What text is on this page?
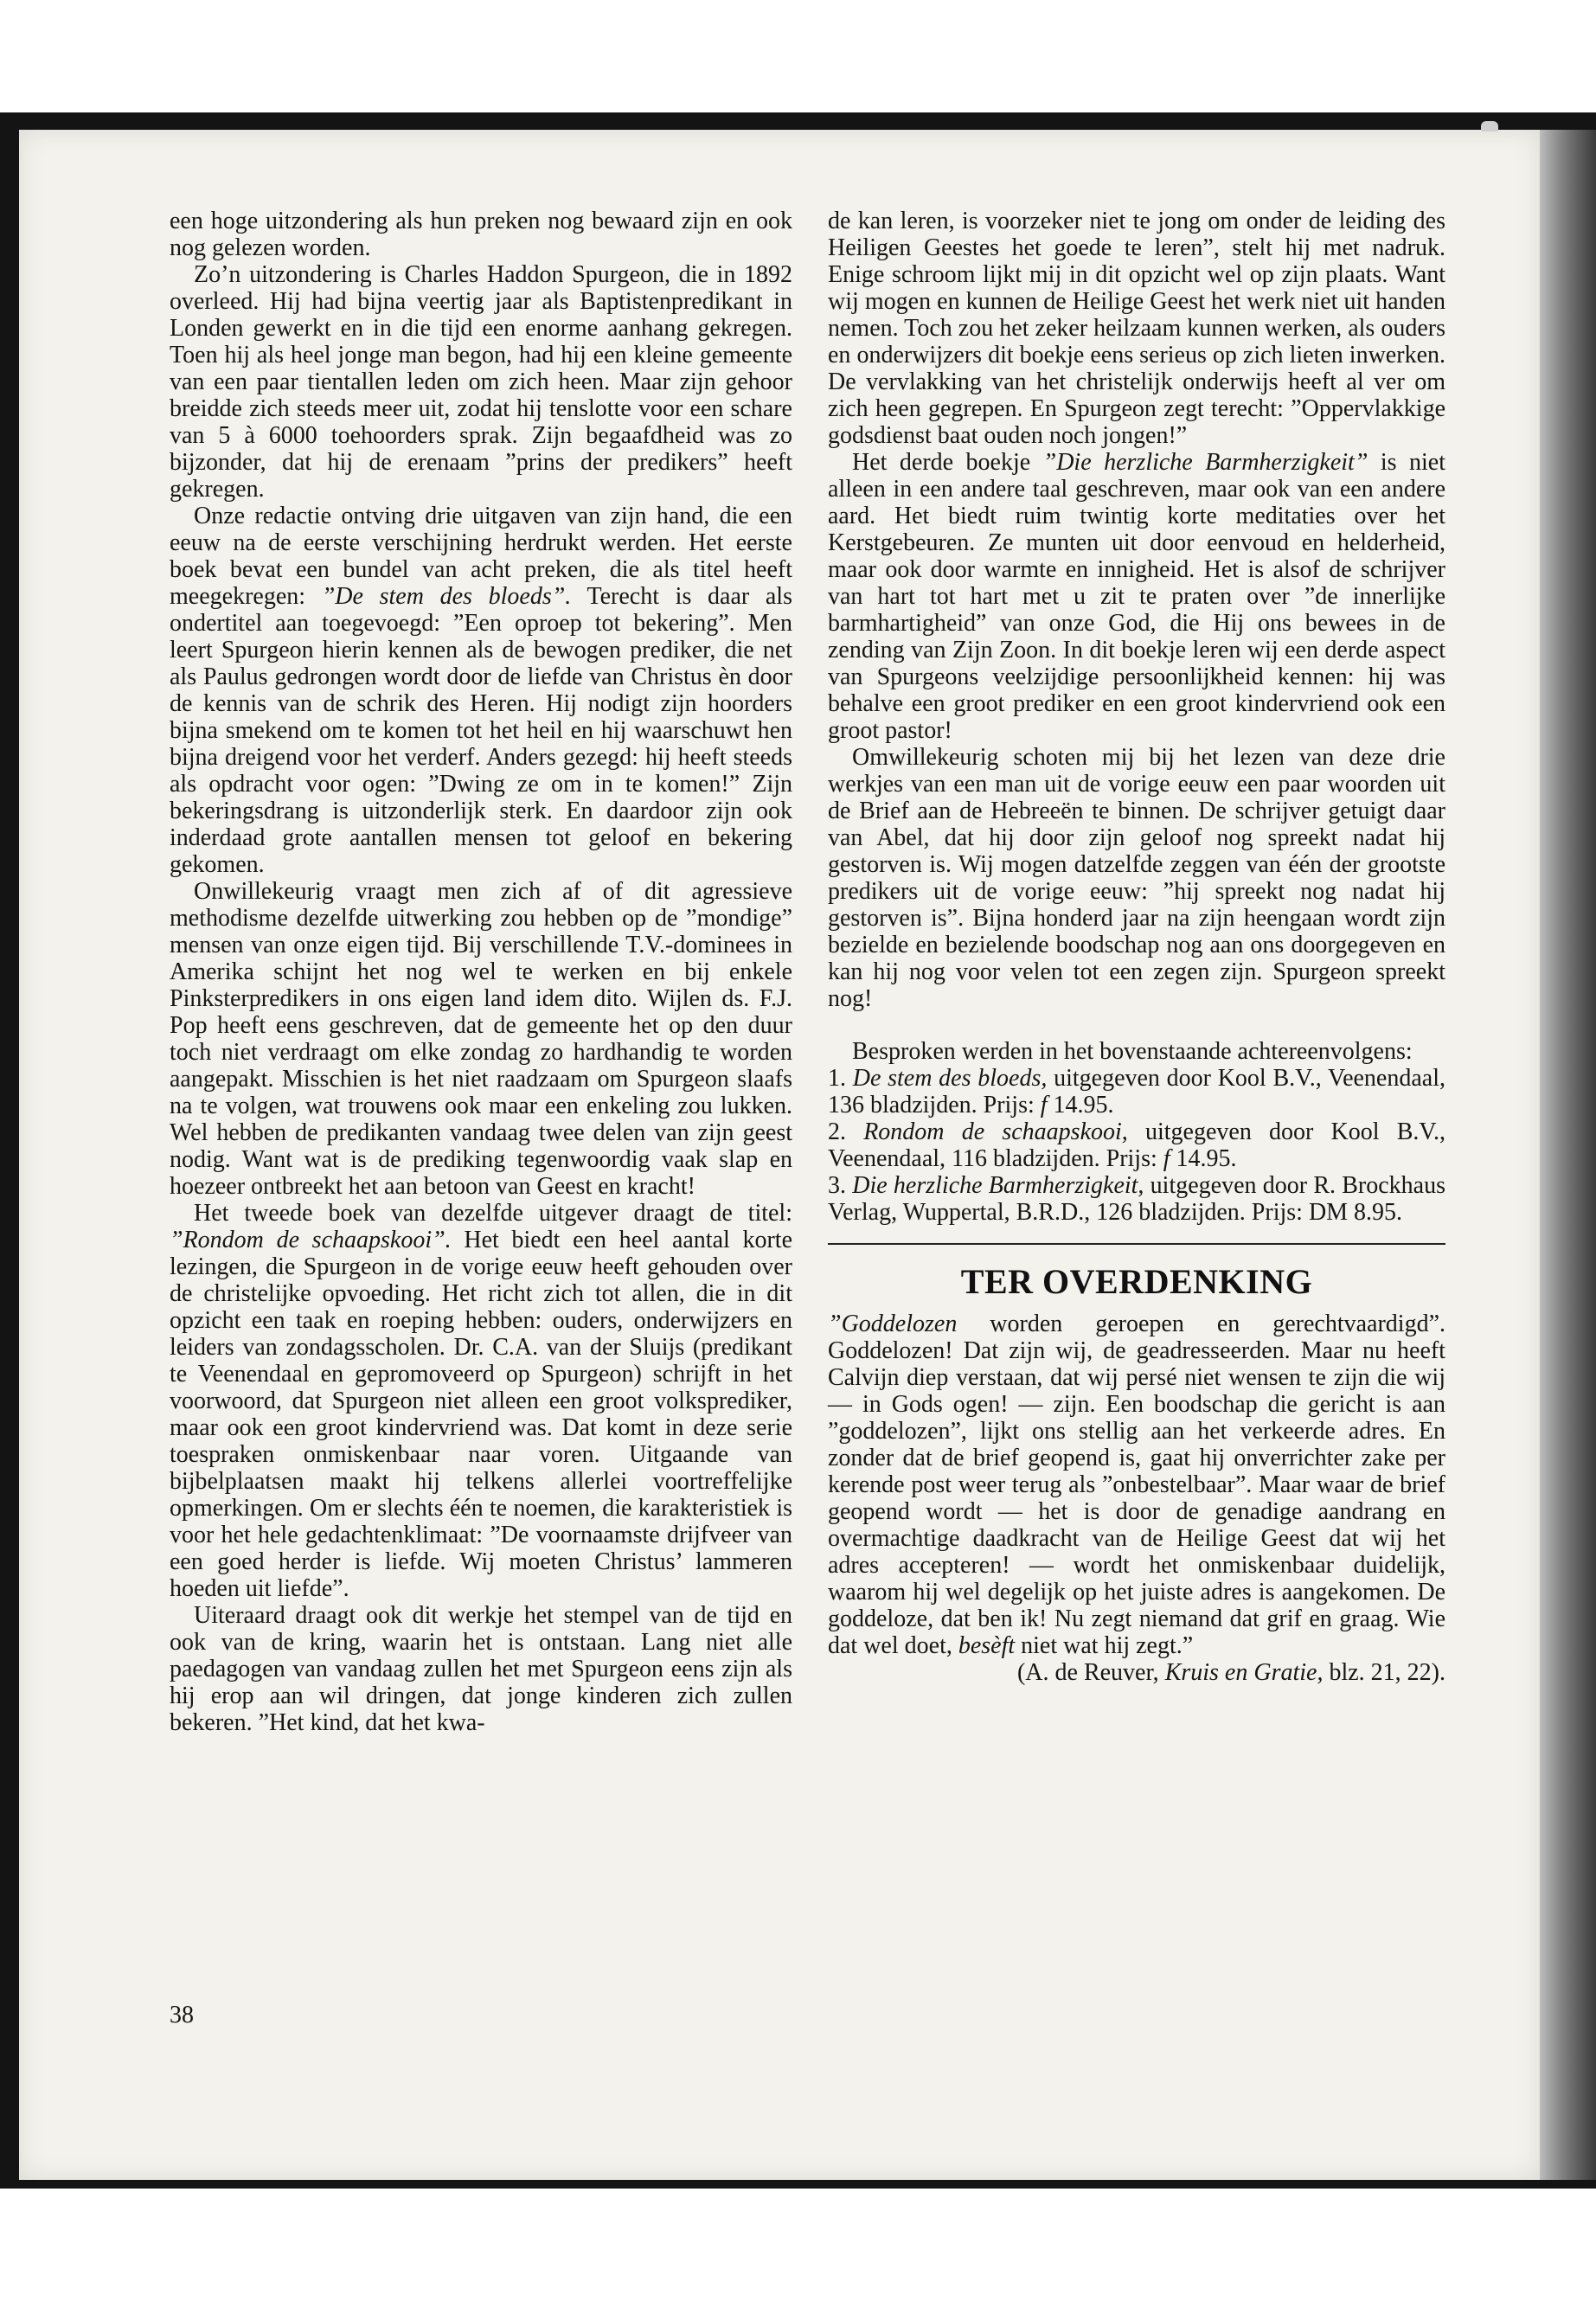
een hoge uitzondering als hun preken nog bewaard zijn en ook nog gelezen worden.

Zo’n uitzondering is Charles Haddon Spurgeon, die in 1892 overleed. Hij had bijna veertig jaar als Baptistenpredikant in Londen gewerkt en in die tijd een enorme aanhang gekregen. Toen hij als heel jonge man begon, had hij een kleine gemeente van een paar tientallen leden om zich heen. Maar zijn gehoor breidde zich steeds meer uit, zodat hij tenslotte voor een schare van 5 à 6000 toehoorders sprak. Zijn begaafdheid was zo bijzonder, dat hij de erenaam ”prins der predikers” heeft gekregen.

Onze redactie ontving drie uitgaven van zijn hand, die een eeuw na de eerste verschijning herdrukt werden. Het eerste boek bevat een bundel van acht preken, die als titel heeft meegekregen: ”De stem des bloeds”. Terecht is daar als ondertitel aan toegevoegd: ”Een oproep tot bekering”. Men leert Spurgeon hierin kennen als de bewogen prediker, die net als Paulus gedrongen wordt door de liefde van Christus èn door de kennis van de schrik des Heren. Hij nodigt zijn hoorders bijna smekend om te komen tot het heil en hij waarschuwt hen bijna dreigend voor het verderf. Anders gezegd: hij heeft steeds als opdracht voor ogen: ”Dwing ze om in te komen!” Zijn bekeringsdrang is uitzonderlijk sterk. En daardoor zijn ook inderdaad grote aantallen mensen tot geloof en bekering gekomen.

Onwillekeurig vraagt men zich af of dit agressieve methodisme dezelfde uitwerking zou hebben op de ”mondige” mensen van onze eigen tijd. Bij verschillende T.V.-dominees in Amerika schijnt het nog wel te werken en bij enkele Pinksterpredikers in ons eigen land idem dito. Wijlen ds. F.J. Pop heeft eens geschreven, dat de gemeente het op den duur toch niet verdraagt om elke zondag zo hardhandig te worden aangepakt. Misschien is het niet raadzaam om Spurgeon slaafs na te volgen, wat trouwens ook maar een enkeling zou lukken. Wel hebben de predikanten vandaag twee delen van zijn geest nodig. Want wat is de prediking tegenwoordig vaak slap en hoezeer ontbreekt het aan betoon van Geest en kracht!

Het tweede boek van dezelfde uitgever draagt de titel: ”Rondom de schaapskooi”. Het biedt een heel aantal korte lezingen, die Spurgeon in de vorige eeuw heeft gehouden over de christelijke opvoeding. Het richt zich tot allen, die in dit opzicht een taak en roeping hebben: ouders, onderwijzers en leiders van zondagsscholen. Dr. C.A. van der Sluijs (predikant te Veenendaal en gepromoveerd op Spurgeon) schrijft in het voorwoord, dat Spurgeon niet alleen een groot volksprediker, maar ook een groot kindervriend was. Dat komt in deze serie toespraken onmiskenbaar naar voren. Uitgaande van bijbelplaatsen maakt hij telkens allerlei voortreffelijke opmerkingen. Om er slechts één te noemen, die karakteristiek is voor het hele gedachtenklimaat: ”De voornaamste drijfveer van een goed herder is liefde. Wij moeten Christus’ lammeren hoeden uit liefde”.

Uiteraard draagt ook dit werkje het stempel van de tijd en ook van de kring, waarin het is ontstaan. Lang niet alle paedagogen van vandaag zullen het met Spurgeon eens zijn als hij erop aan wil dringen, dat jonge kinderen zich zullen bekeren. ”Het kind, dat het kwa-

38

de kan leren, is voorzeker niet te jong om onder de leiding des Heiligen Geestes het goede te leren”, stelt hij met nadruk. Enige schroom lijkt mij in dit opzicht wel op zijn plaats. Want wij mogen en kunnen de Heilige Geest het werk niet uit handen nemen. Toch zou het zeker heilzaam kunnen werken, als ouders en onderwijzers dit boekje eens serieus op zich lieten inwerken. De vervlakking van het christelijk onderwijs heeft al ver om zich heen gegrepen. En Spurgeon zegt terecht: ”Oppervlakkige godsdienst baat ouden noch jongen!”

Het derde boekje ”Die herzliche Barmherzigkeit” is niet alleen in een andere taal geschreven, maar ook van een andere aard. Het biedt ruim twintig korte meditaties over het Kerstgebeuren. Ze munten uit door eenvoud en helderheid, maar ook door warmte en innigheid. Het is alsof de schrijver van hart tot hart met u zit te praten over ”de innerlijke barmhartigheid” van onze God, die Hij ons bewees in de zending van Zijn Zoon. In dit boekje leren wij een derde aspect van Spurgeons veelzijdige persoonlijkheid kennen: hij was behalve een groot prediker en een groot kindervriend ook een groot pastor!

Omwillekeurig schoten mij bij het lezen van deze drie werkjes van een man uit de vorige eeuw een paar woorden uit de Brief aan de Hebreeën te binnen. De schrijver getuigt daar van Abel, dat hij door zijn geloof nog spreekt nadat hij gestorven is. Wij mogen datzelfde zeggen van één der grootste predikers uit de vorige eeuw: ”hij spreekt nog nadat hij gestorven is”. Bijna honderd jaar na zijn heengaan wordt zijn bezielde en bezielende boodschap nog aan ons doorgegeven en kan hij nog voor velen tot een zegen zijn. Spurgeon spreekt nog!

Besproken werden in het bovenstaande achtereenvolgens:

1. De stem des bloeds, uitgegeven door Kool B.V., Veenendaal, 136 bladzijden. Prijs: f 14.95.

2. Rondom de schaapskooi, uitgegeven door Kool B.V., Veenendaal, 116 bladzijden. Prijs: f 14.95.

3. Die herzliche Barmherzigkeit, uitgegeven door R. Brockhaus Verlag, Wuppertal, B.R.D., 126 bladzijden. Prijs: DM 8.95.

TER OVERDENKING

”Goddelozen worden geroepen en gerechtvaardigd”. Goddelozen! Dat zijn wij, de geadresseerden. Maar nu heeft Calvijn diep verstaan, dat wij persé niet wensen te zijn die wij — in Gods ogen! — zijn. Een boodschap die gericht is aan ”goddelozen”, lijkt ons stellig aan het verkeerde adres. En zonder dat de brief geopend is, gaat hij onverrichter zake per kerende post weer terug als ”onbestelbaar”. Maar waar de brief geopend wordt — het is door de genadige aandrang en overmachtige daadkracht van de Heilige Geest dat wij het adres accepteren! — wordt het onmiskenbaar duidelijk, waarom hij wel degelijk op het juiste adres is aangekomen. De goddeloze, dat ben ik! Nu zegt niemand dat grif en graag. Wie dat wel doet, besèft niet wat hij zegt.”

(A. de Reuver, Kruis en Gratie, blz. 21, 22).
